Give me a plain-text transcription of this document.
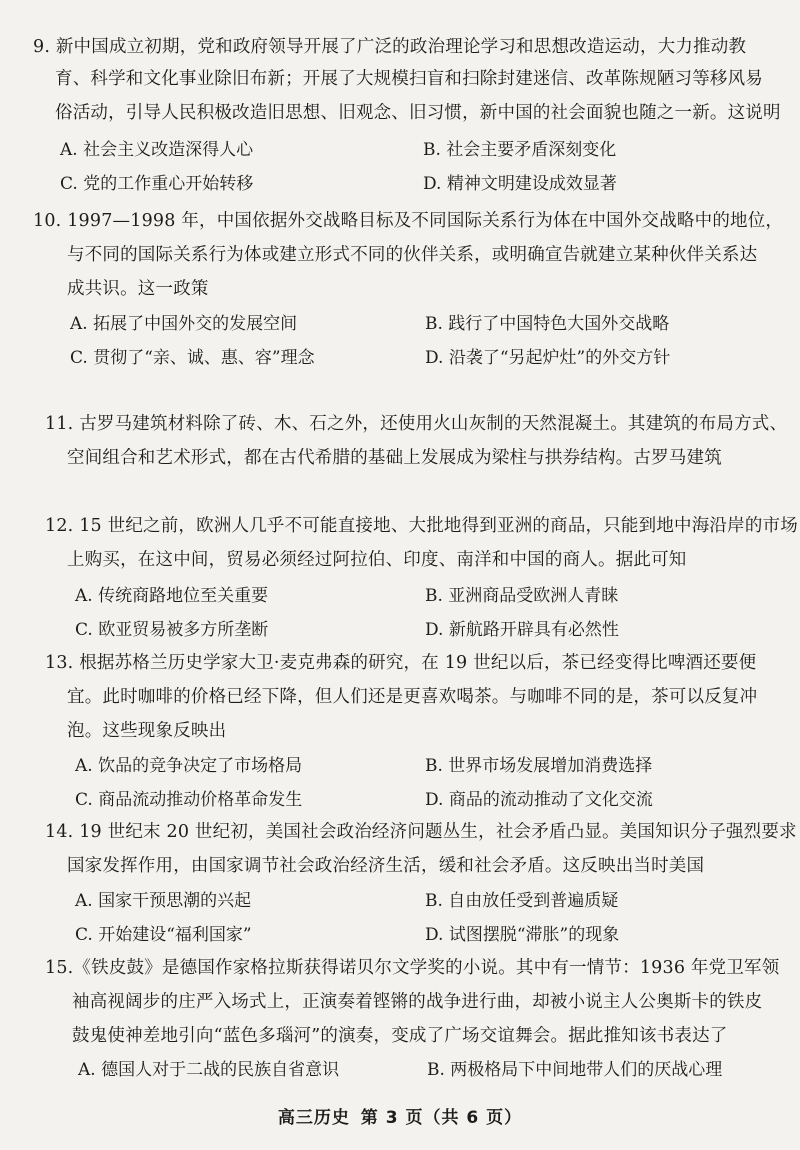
9. 新中国成立初期，党和政府领导开展了广泛的政治理论学习和思想改造运动，大力推动教
育、科学和文化事业除旧布新；开展了大规模扫盲和扫除封建迷信、改革陈规陋习等移风易
俗活动，引导人民积极改造旧思想、旧观念、旧习惯，新中国的社会面貌也随之一新。这说明
A. 社会主义改造深得人心	B. 社会主要矛盾深刻变化
C. 党的工作重心开始转移	D. 精神文明建设成效显著
10. 1997—1998 年，中国依据外交战略目标及不同国际关系行为体在中国外交战略中的地位，
与不同的国际关系行为体或建立形式不同的伙伴关系，或明确宣告就建立某种伙伴关系达
成共识。这一政策
A. 拓展了中国外交的发展空间	B. 践行了中国特色大国外交战略
C. 贯彻了“亲、诚、惠、容”理念	D. 沿袭了“另起炉灶”的外交方针
11. 古罗马建筑材料除了砖、木、石之外，还使用火山灰制的天然混凝土。其建筑的布局方式、
12. 15 世纪之前，欧洲人几乎不可能直接地、大批地得到亚洲的商品，只能到地中海沿岸的市场
上购买，在这中间，贸易必须经过阿拉伯、印度、南洋和中国的商人。据此可知
A. 传统商路地位至关重要	B. 亚洲商品受欧洲人青睐
C. 欧亚贸易被多方所垄断	D. 新航路开辟具有必然性
13. 根据苏格兰历史学家大卫·麦克弗森的研究，在 19 世纪以后，茶已经变得比啤酒还要便
宜。此时咖啡的价格已经下降，但人们还是更喜欢喝茶。与咖啡不同的是，茶可以反复冲
泡。这些现象反映出
A. 饮品的竞争决定了市场格局	B. 世界市场发展增加消费选择
C. 商品流动推动价格革命发生	D. 商品的流动推动了文化交流
14. 19 世纪末 20 世纪初，美国社会政治经济问题丛生，社会矛盾凸显。美国知识分子强烈要求
国家发挥作用，由国家调节社会政治经济生活，缓和社会矛盾。这反映出当时美国
A. 国家干预思潮的兴起	B. 自由放任受到普遍质疑
C. 开始建设“福利国家”	D. 试图摆脱“滞胀”的现象
15.《铁皮鼓》是德国作家格拉斯获得诺贝尔文学奖的小说。其中有一情节：1936 年党卫军领
袖高视阔步的庄严入场式上，正演奏着铿锵的战争进行曲，却被小说主人公奥斯卡的铁皮
鼓鬼使神差地引向“蓝色多瑙河”的演奏，变成了广场交谊舞会。据此推知该书表达了
A. 德国人对于二战的民族自省意识	B. 两极格局下中间地带人们的厌战心理
空间组合和艺术形式，都在古代希腊的基础上发展成为梁柱与拱券结构。古罗马建筑
高三历史 第 3 页（共 6 页）
